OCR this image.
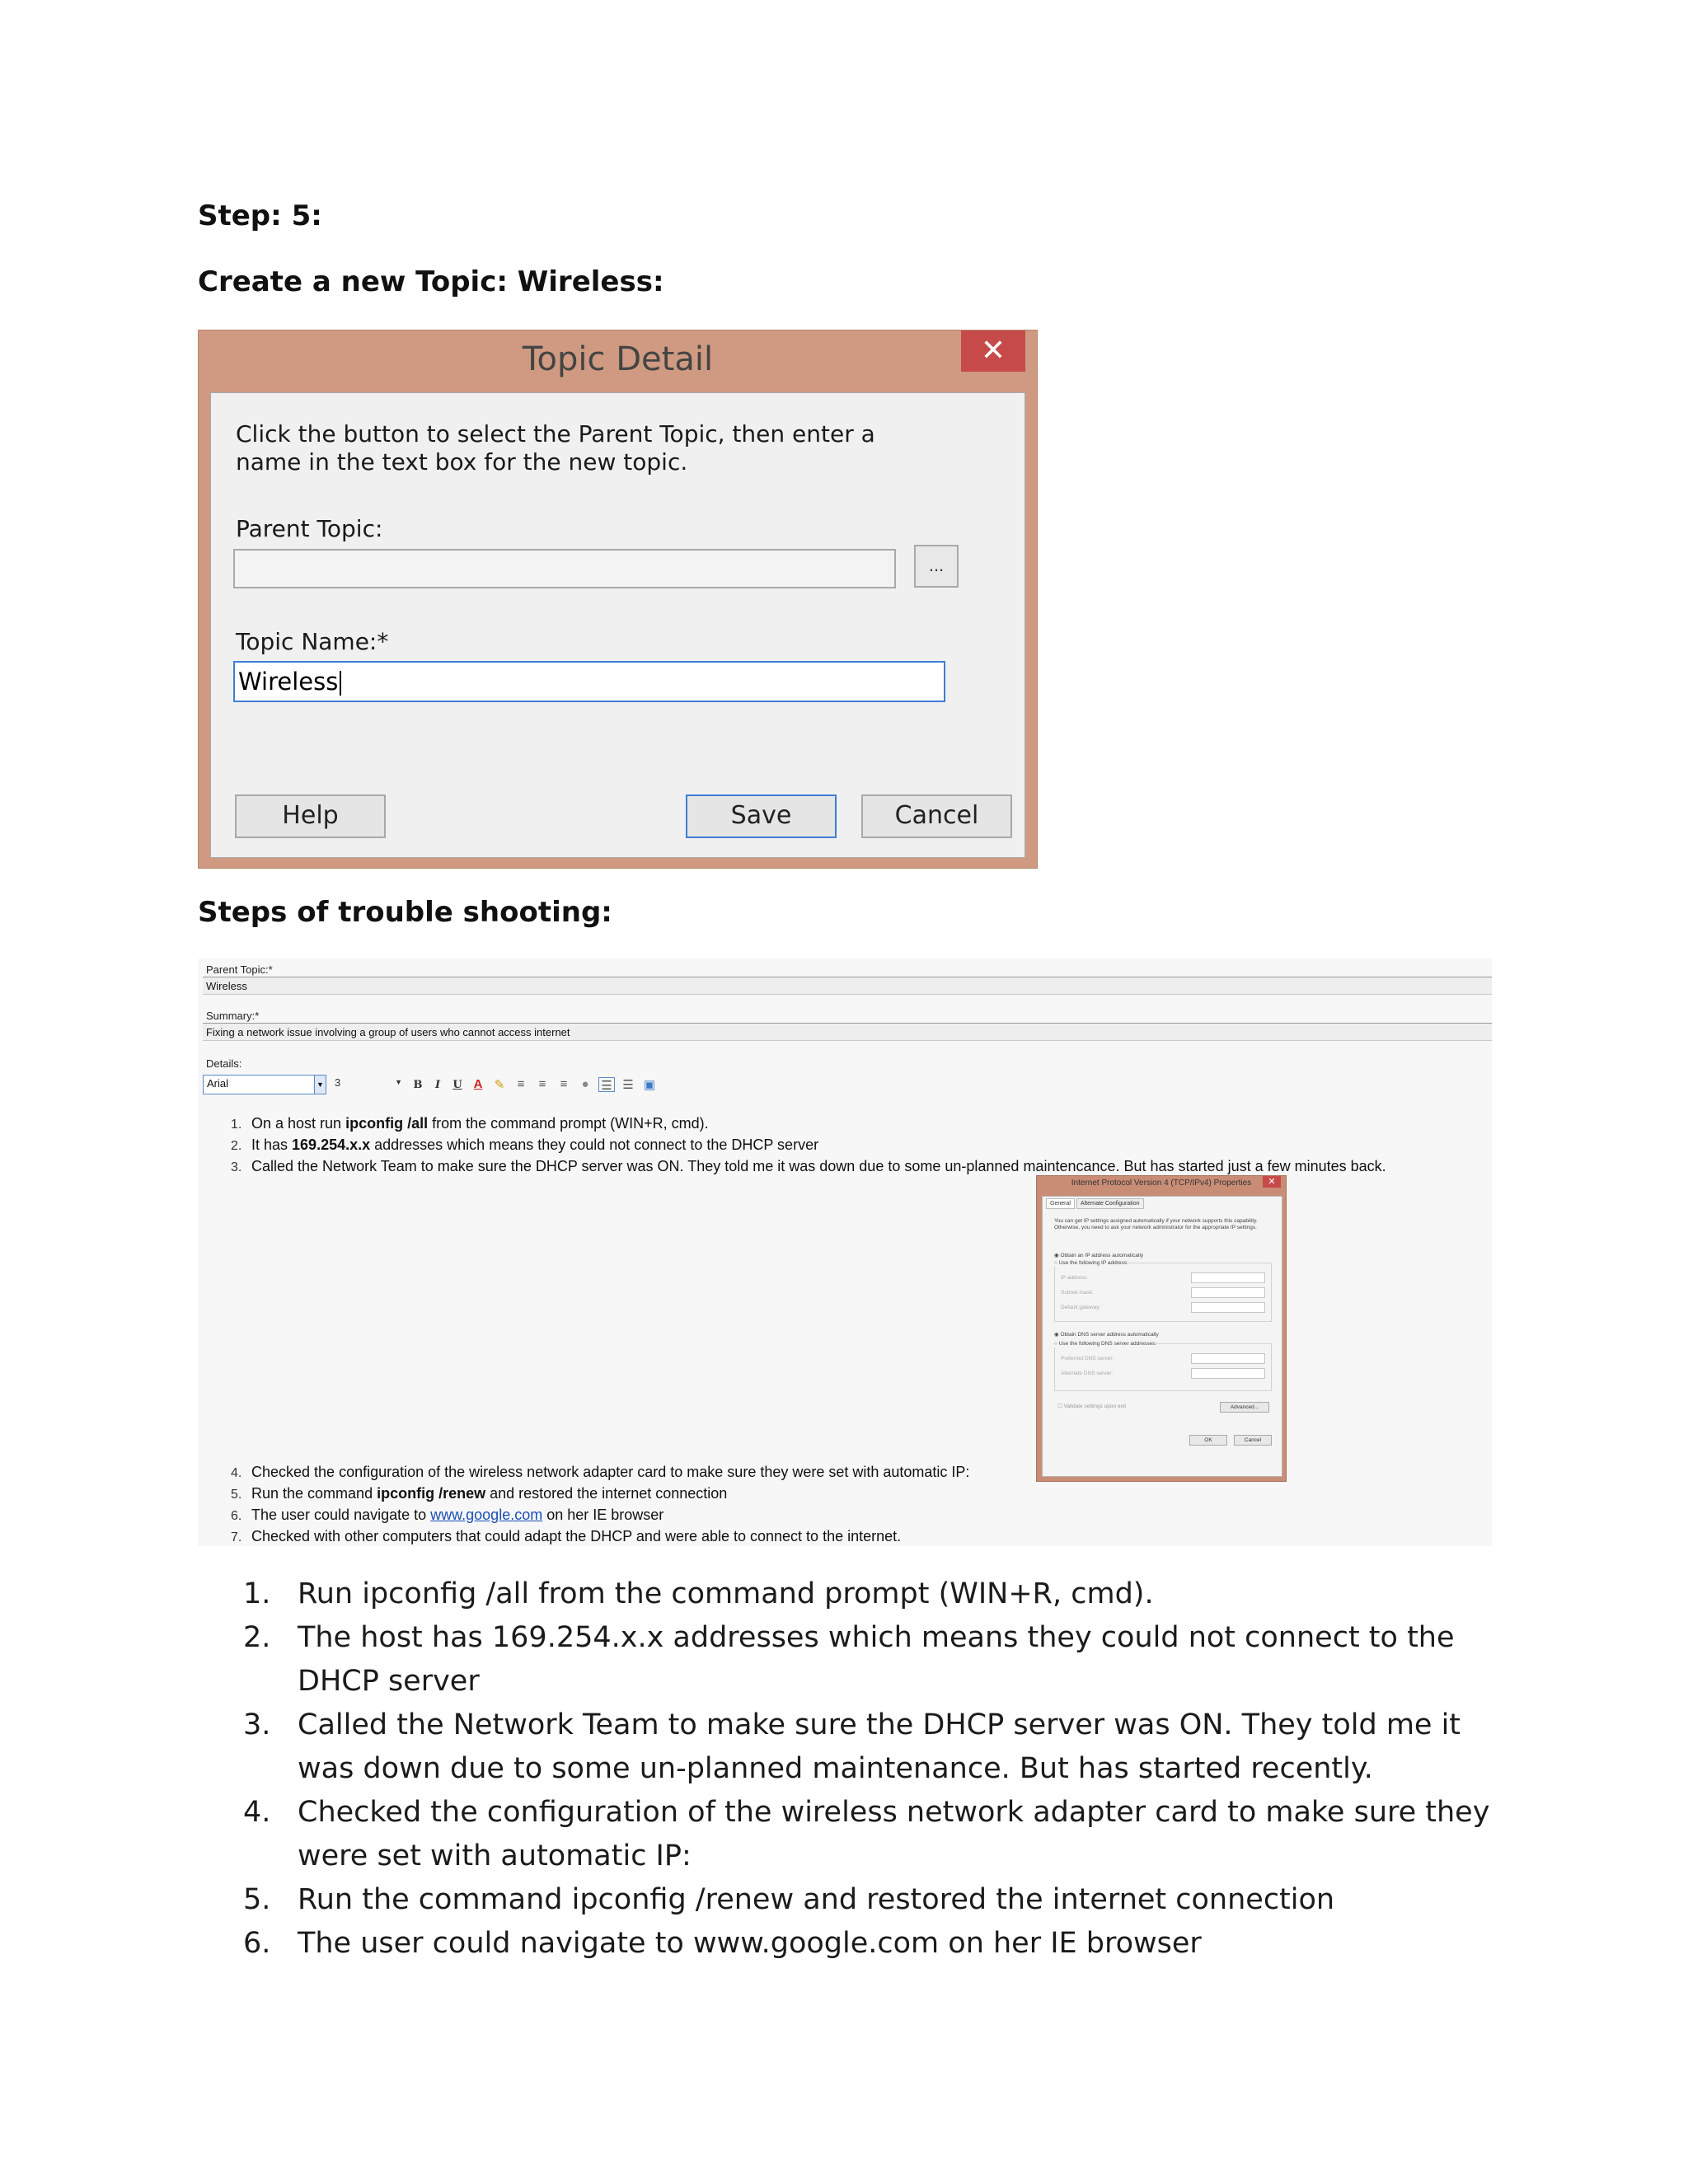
Step: 5:
Create a new Topic: Wireless:
Topic Detail	✕
Click the button to select the Parent Topic, then enter a name in the text box for the new topic.
Parent Topic:
...
Topic Name:*
Wireless
Help	Save	Cancel
Steps of trouble shooting:
Parent Topic:*
Wireless
Summary:*
Fixing a network issue involving a group of users who cannot access internet
Details:
Arial	▼	3	▼ B	I	U A ✎	≡	≡	≡	● ☰ ☰ ▣
1. On a host run ipconfig /all from the command prompt (WIN+R, cmd).
2. It has 169.254.x.x addresses which means they could not connect to the DHCP server
3. Called the Network Team to make sure the DHCP server was ON. They told me it was down due to some un-planned maintencance. But has started just a few minutes back.
Internet Protocol Version 4 (TCP/IPv4) Properties	✕
General	Alternate Configuration
You can get IP settings assigned automatically if your network supports this capability. Otherwise, you need to ask your network administrator for the appropriate IP settings.
◉ Obtain an IP address automatically
○ Use the following IP address:
IP address:
Subnet mask:
Default gateway:
◉ Obtain DNS server address automatically
○ Use the following DNS server addresses:
Preferred DNS server:
Alternate DNS server:
☐ Validate settings upon exit	Advanced...
OK	Cancel
4. Checked the configuration of the wireless network adapter card to make sure they were set with automatic IP:
5. Run the command ipconfig /renew and restored the internet connection
6. The user could navigate to www.google.com on her IE browser
7. Checked with other computers that could adapt the DHCP and were able to connect to the internet.
1. Run ipconfig /all from the command prompt (WIN+R, cmd).
2. The host has 169.254.x.x addresses which means they could not connect to the DHCP server
3. Called the Network Team to make sure the DHCP server was ON. They told me it was down due to some un-planned maintenance. But has started recently.
4. Checked the configuration of the wireless network adapter card to make sure they were set with automatic IP:
5. Run the command ipconfig /renew and restored the internet connection
6. The user could navigate to www.google.com on her IE browser
